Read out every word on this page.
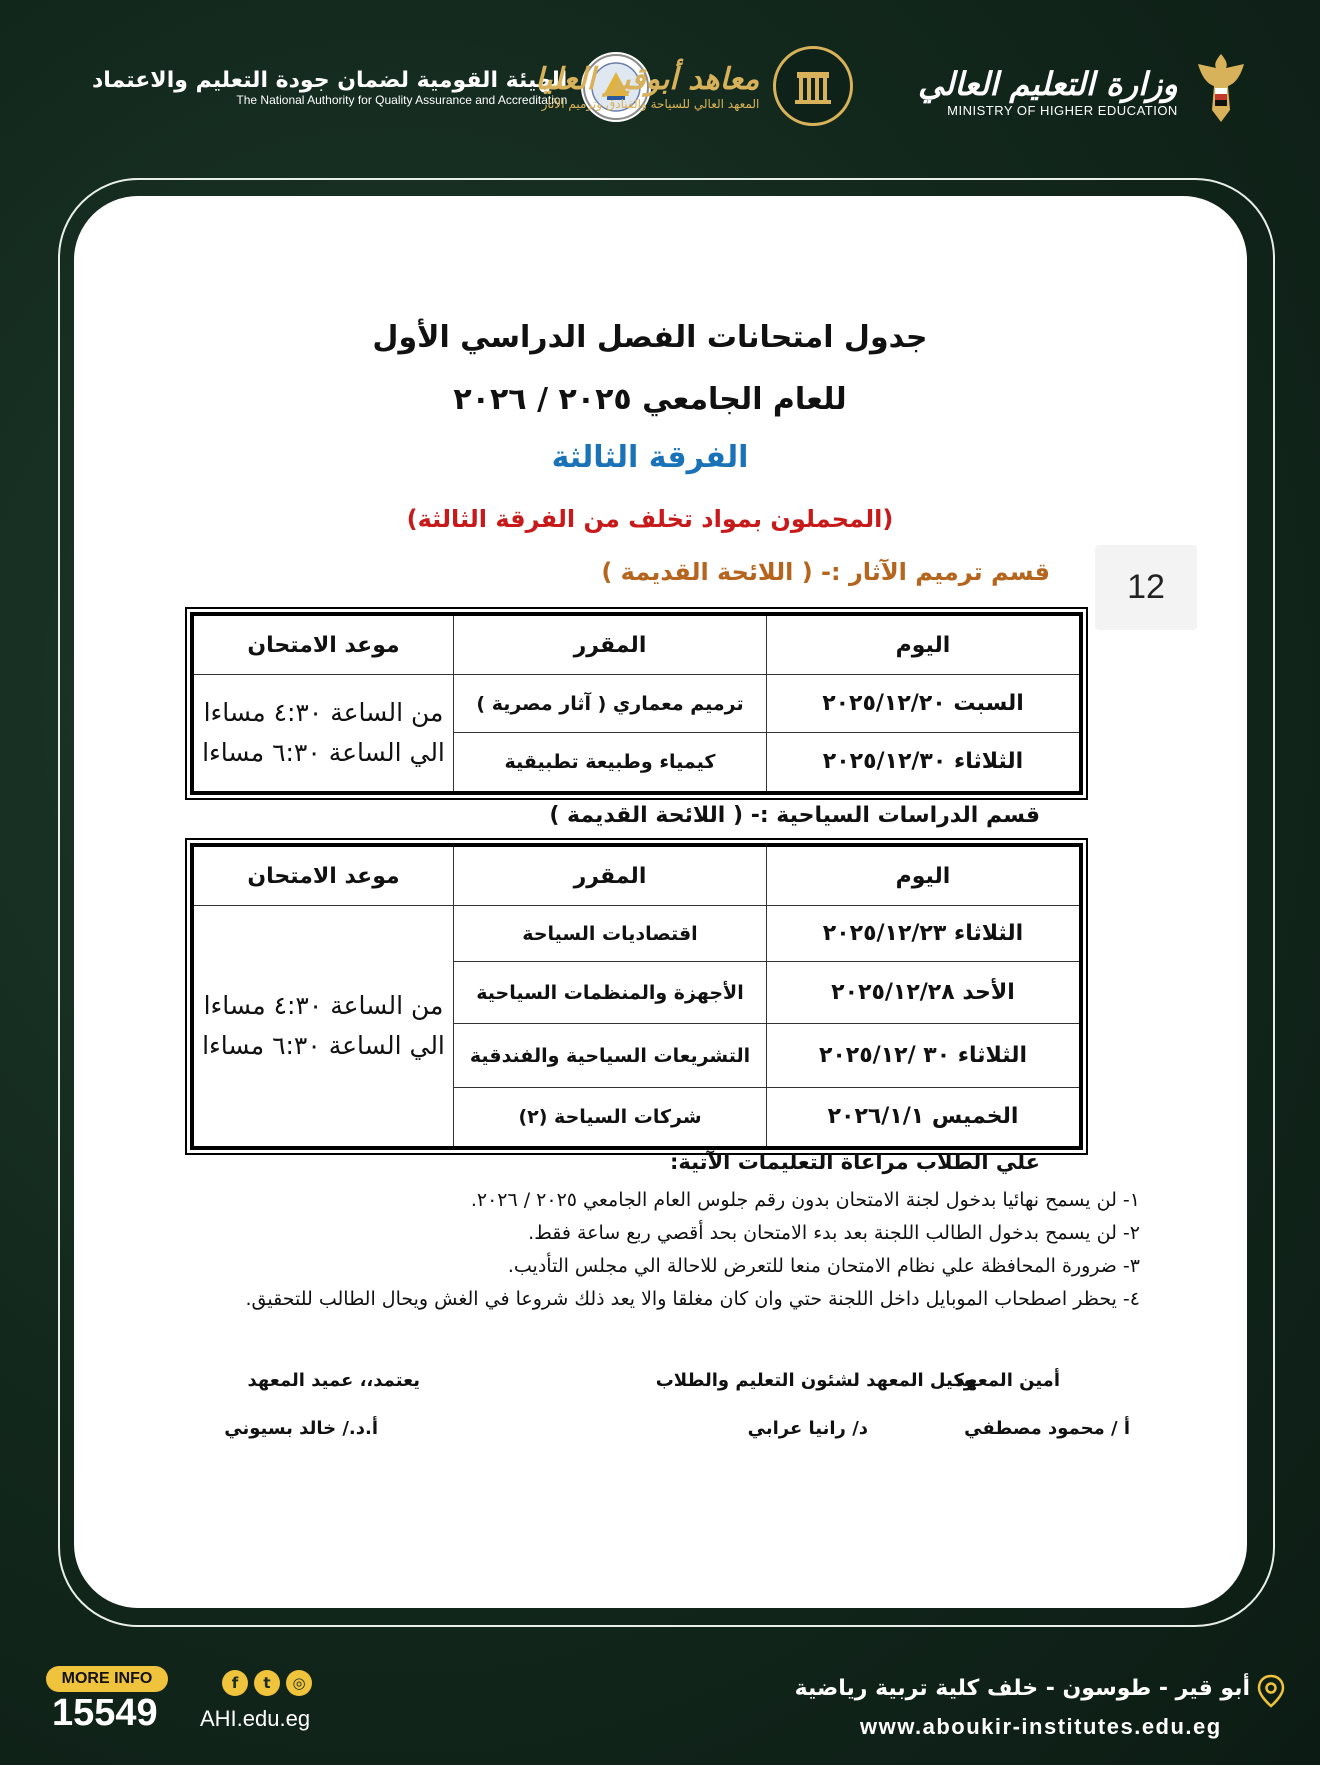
الهيئة القومية لضمان جودة التعليم والاعتماد
The National Authority for Quality Assurance and Accreditation
معاهد أبوقير العليا
المعهد العالي للسياحة والفنادق وترميم الآثار
وزارة التعليم العالي
MINISTRY OF HIGHER EDUCATION
12
جدول امتحانات الفصل الدراسي الأول
للعام الجامعي ٢٠٢٥ / ٢٠٢٦
الفرقة الثالثة
(المحملون بمواد تخلف من الفرقة الثالثة)
قسم ترميم الآثار :- ( اللائحة القديمة )
اليوم	المقرر	موعد الامتحان
السبت ٢٠٢٥/١٢/٢٠	ترميم معماري ( آثار مصرية )	من الساعة ٤:٣٠ مساءا الي الساعة ٦:٣٠ مساءا
الثلاثاء ٢٠٢٥/١٢/٣٠	كيمياء وطبيعة تطبيقية	
قسم الدراسات السياحية :- ( اللائحة القديمة )
اليوم	المقرر	موعد الامتحان
الثلاثاء ٢٠٢٥/١٢/٢٣	اقتصاديات السياحة	من الساعة ٤:٣٠ مساءا الي الساعة ٦:٣٠ مساءا
الأحد ٢٠٢٥/١٢/٢٨	الأجهزة والمنظمات السياحية	
الثلاثاء ٣٠ /٢٠٢٥/١٢	التشريعات السياحية والفندقية	
الخميس ٢٠٢٦/١/١	شركات السياحة (٢)	
علي الطلاب مراعاة التعليمات الآتية:
١- لن يسمح نهائيا بدخول لجنة الامتحان بدون رقم جلوس العام الجامعي ٢٠٢٥ / ٢٠٢٦.
٢- لن يسمح بدخول الطالب اللجنة بعد بدء الامتحان بحد أقصي ربع ساعة فقط.
٣- ضرورة المحافظة علي نظام الامتحان منعا للتعرض للاحالة الي مجلس التأديب.
٤- يحظر اصطحاب الموبايل داخل اللجنة حتي وان كان مغلقا والا يعد ذلك شروعا في الغش ويحال الطالب للتحقيق.
أمين المعهد
أ / محمود مصطفي
وكيل المعهد لشئون التعليم والطلاب
د/ رانيا عرابي
يعتمد،، عميد المعهد
أ.د./ خالد بسيوني
MORE INFO
15549
f	t	◎
AHI.edu.eg
أبو قير - طوسون - خلف كلية تربية رياضية
www.aboukir-institutes.edu.eg
